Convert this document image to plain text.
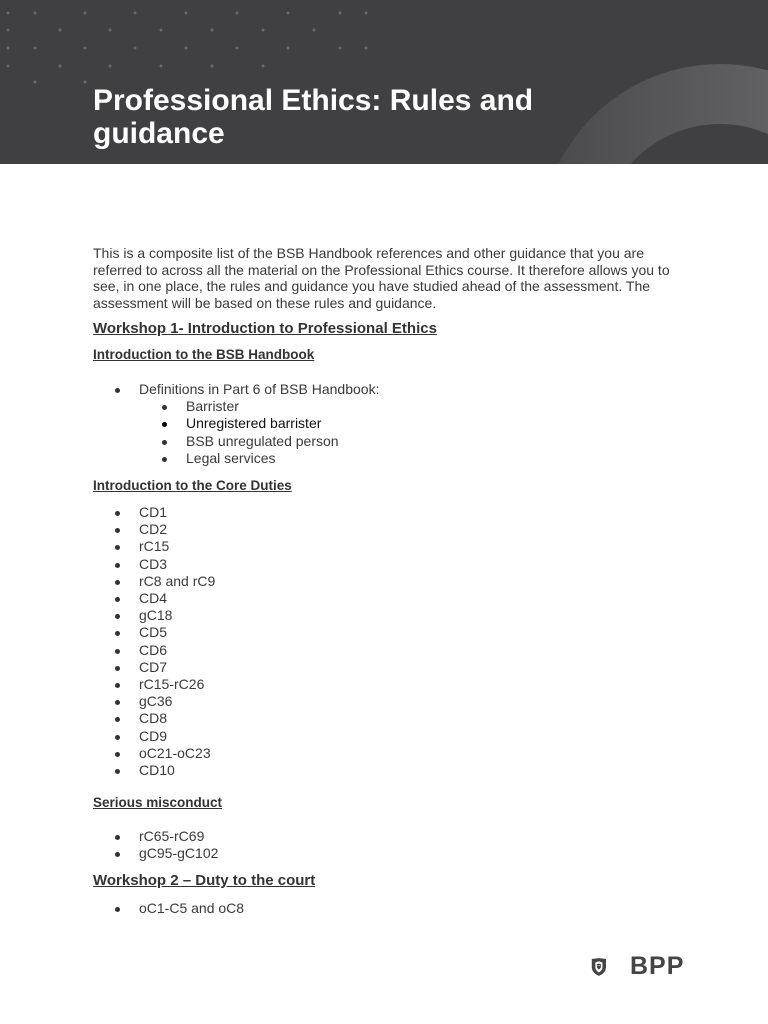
Professional Ethics: Rules and guidance

This is a composite list of the BSB Handbook references and other guidance that you are referred to across all the material on the Professional Ethics course. It therefore allows you to see, in one place, the rules and guidance you have studied ahead of the assessment. The assessment will be based on these rules and guidance.

Workshop 1- Introduction to Professional Ethics
Introduction to the BSB Handbook
Definitions in Part 6 of BSB Handbook:
Barrister
Unregistered barrister
BSB unregulated person
Legal services
Introduction to the Core Duties
CD1
CD2
rC15
CD3
rC8 and rC9
CD4
gC18
CD5
CD6
CD7
rC15-rC26
gC36
CD8
CD9
oC21-oC23
CD10
Serious misconduct
rC65-rC69
gC95-gC102
Workshop 2 – Duty to the court
oC1-C5 and oC8
BPP
